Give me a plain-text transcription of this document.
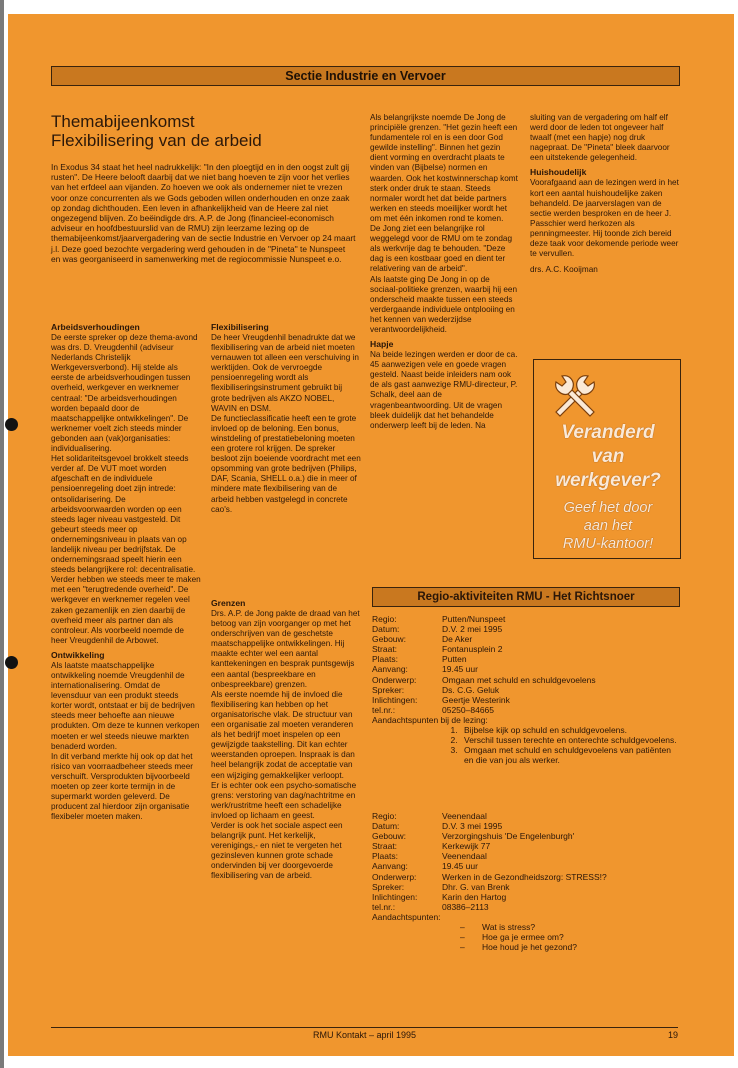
Sectie Industrie en Vervoer
Themabijeenkomst
Flexibilisering van de arbeid
In Exodus 34 staat het heel nadrukkelijk: "In den ploegtijd en in den oogst zult gij rusten". De Heere belooft daarbij dat we niet bang hoeven te zijn voor het verlies van het erfdeel aan vijanden. Zo hoeven we ook als ondernemer niet te vrezen voor onze concurrenten als we Gods geboden willen onderhouden en onze zaak op zondag dichthouden. Een leven in afhankelijkheid van de Heere zal niet ongezegend blijven. Zo beëindigde drs. A.P. de Jong (financieel-economisch adviseur en hoofdbestuurslid van de RMU) zijn leerzame lezing op de themabijeenkomst/jaarvergadering van de sectie Industrie en Vervoer op 24 maart j.l. Deze goed bezochte vergadering werd gehouden in de "Pineta" te Nunspeet en was georganiseerd in samenwerking met de regiocommissie Nunspeet e.o.
Arbeidsverhoudingen

De eerste spreker op deze thema-avond was drs. D. Vreugdenhil (adviseur Nederlands Christelijk Werkgeversverbond). Hij stelde als eerste de arbeidsverhoudingen tussen overheid, werkgever en werknemer centraal: "De arbeidsverhoudingen worden bepaald door de maatschappelijke ontwikkelingen". De werknemer voelt zich steeds minder gebonden aan (vak)organisaties: individualisering.

Het solidariteitsgevoel brokkelt steeds verder af. De VUT moet worden afgeschaft en de individuele pensioenregeling doet zijn intrede: ontsolidarisering. De arbeidsvoorwaarden worden op een steeds lager niveau vastgesteld. Dit gebeurt steeds meer op ondernemingsniveau in plaats van op landelijk niveau per bedrijfstak. De ondernemingsraad speelt hierin een steeds belangrijkere rol: decentralisatie. Verder hebben we steeds meer te maken met een "terugtredende overheid". De werkgever en werknemer regelen veel zaken gezamenlijk en zien daarbij de overheid meer als partner dan als controleur. Als voorbeeld noemde de heer Vreugdenhil de Arbowet.

Ontwikkeling

Als laatste maatschappelijke ontwikkeling noemde Vreugdenhil de internationalisering. Omdat de levensduur van een produkt steeds korter wordt, ontstaat er bij de bedrijven steeds meer behoefte aan nieuwe produkten. Om deze te kunnen verkopen moeten er wel steeds nieuwe markten benaderd worden.

In dit verband merkte hij ook op dat het risico van voorraadbeheer steeds meer verschuift. Versprodukten bijvoorbeeld moeten op zeer korte termijn in de supermarkt worden geleverd. De producent zal hierdoor zijn organisatie flexibeler moeten maken.

Flexibilisering

De heer Vreugdenhil benadrukte dat we flexibilisering van de arbeid niet moeten vernauwen tot alleen een verschuiving in werktijden. Ook de vervroegde pensioenregeling wordt als flexibiliseringsinstrument gebruikt bij grote bedrijven als AKZO NOBEL, WAVIN en DSM.

De functieclassificatie heeft een te grote invloed op de beloning. Een bonus, winstdeling of prestatiebeloning moeten een grotere rol krijgen. De spreker besloot zijn boeiende voordracht met een opsomming van grote bedrijven (Philips, DAF, Scania, SHELL o.a.) die in meer of mindere mate flexibilisering van de arbeid hebben vastgelegd in concrete cao's.

Grenzen

Drs. A.P. de Jong pakte de draad van het betoog van zijn voorganger op met het onderschrijven van de geschetste maatschappelijke ontwikkelingen. Hij maakte echter wel een aantal kanttekeningen en besprak puntsgewijs een aantal (bespreekbare en onbespreekbare) grenzen.

Als eerste noemde hij de invloed die flexibilisering kan hebben op het organisatorische vlak. De structuur van een organisatie zal moeten veranderen als het bedrijf moet inspelen op een gewijzigde taakstelling. Dit kan echter weerstanden oproepen. Inspraak is dan heel belangrijk zodat de acceptatie van een wijziging gemakkelijker verloopt.

Er is echter ook een psycho-somatische grens: verstoring van dag/nachtritme en werk/rustritme heeft een schadelijke invloed op lichaam en geest.

Verder is ook het sociale aspect een belangrijk punt. Het kerkelijk, verenigings,- en niet te vergeten het gezinsleven kunnen grote schade ondervinden bij ver doorgevoerde flexibilisering van de arbeid.

Als belangrijkste noemde De Jong de principiële grenzen. "Het gezin heeft een fundamentele rol en is een door God gewilde instelling". Binnen het gezin dient vorming en overdracht plaats te vinden van (Bijbelse) normen en waarden. Ook het kostwinnerschap komt sterk onder druk te staan. Steeds normaler wordt het dat beide partners werken en steeds moeilijker wordt het om met één inkomen rond te komen.

De Jong ziet een belangrijke rol weggelegd voor de RMU om te zondag als werkvrije dag te behouden. "Deze dag is een kostbaar goed en dient ter relativering van de arbeid".

Als laatste ging De Jong in op de sociaal-politieke grenzen, waarbij hij een onderscheid maakte tussen een steeds verdergaande individuele ontplooiing en het kennen van wederzijdse verantwoordelijkheid.

Hapje

Na beide lezingen werden er door de ca. 45 aanwezigen vele en goede vragen gesteld. Naast beide inleiders nam ook de als gast aanwezige RMU-directeur, P. Schalk, deel aan de vragenbeantwoording. Uit de vragen bleek duidelijk dat het behandelde onderwerp leeft bij de leden. Na

sluiting van de vergadering om half elf werd door de leden tot ongeveer half twaalf (met een hapje) nog druk nagepraat. De "Pineta" bleek daarvoor een uitstekende gelegenheid.

Huishoudelijk

Voorafgaand aan de lezingen werd in het kort een aantal huishoudelijke zaken behandeld. De jaarverslagen van de sectie werden besproken en de heer J. Passchier werd herkozen als penningmeester. Hij toonde zich bereid deze taak voor dekomende periode weer te vervullen.

drs. A.C. Kooijman

Veranderd
van
werkgever?
Geef het door
aan het
RMU-kantoor!
Regio-aktiviteiten RMU - Het Richtsnoer
Regio:	Putten/Nunspeet
Datum:	D.V. 2 mei 1995
Gebouw:	De Aker
Straat:	Fontanusplein 2
Plaats:	Putten
Aanvang:	19.45 uur
Onderwerp:	Omgaan met schuld en schuldgevoelens
Spreker:	Ds. C.G. Geluk
Inlichtingen:	Geertje Westerink
tel.nr.:	05250–84665
Aandachtspunten bij de lezing:
1. Bijbelse kijk op schuld en schuldgevoelens.
2. Verschil tussen terechte en onterechte schuldgevoelens.
3. Omgaan met schuld en schuldgevoelens van patiënten en die van jou als werker.
Regio:	Veenendaal
Datum:	D.V. 3 mei 1995
Gebouw:	Verzorgingshuis 'De Engelenburgh'
Straat:	Kerkewijk 77
Plaats:	Veenendaal
Aanvang:	19.45 uur
Onderwerp:	Werken in de Gezondheidszorg: STRESS!?
Spreker:	Dhr. G. van Brenk
Inlichtingen:	Karin den Hartog
tel.nr.:	08386–2113
Aandachtspunten:
– Wat is stress?
– Hoe ga je ermee om?
– Hoe houd je het gezond?
RMU Kontakt – april 1995	19
